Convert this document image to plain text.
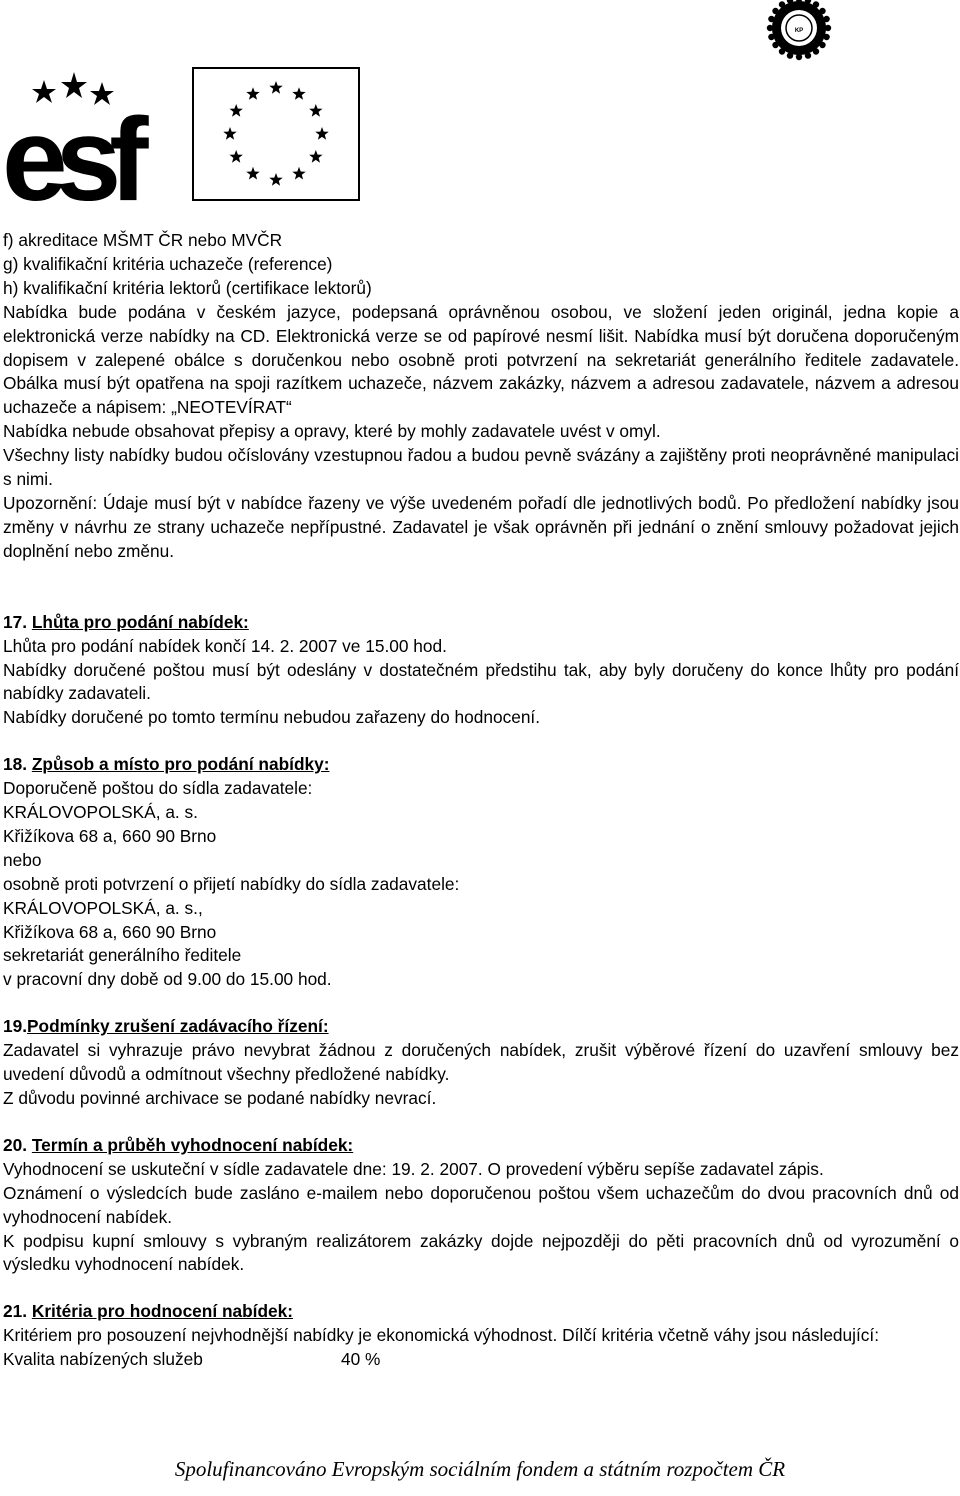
esf
KP

f) akreditace MŠMT ČR nebo MVČR

g) kvalifikační kritéria uchazeče (reference)

h) kvalifikační kritéria lektorů (certifikace lektorů)

Nabídka bude podána v českém jazyce, podepsaná oprávněnou osobou, ve složení jeden originál, jedna kopie a elektronická verze nabídky na CD. Elektronická verze se od papírové nesmí lišit. Nabídka musí být doručena doporučeným dopisem v zalepené obálce s doručenkou nebo osobně proti potvrzení na sekretariát generálního ředitele zadavatele. Obálka musí být opatřena na spoji razítkem uchazeče, názvem zakázky, názvem a adresou zadavatele, názvem a adresou uchazeče a nápisem: „NEOTEVÍRAT“

Nabídka nebude obsahovat přepisy a opravy, které by mohly zadavatele uvést v omyl.

Všechny listy nabídky budou očíslovány vzestupnou řadou a budou pevně svázány a zajištěny proti neoprávněné manipulaci s nimi.

Upozornění: Údaje musí být v nabídce řazeny ve výše uvedeném pořadí dle jednotlivých bodů. Po předložení nabídky jsou změny v návrhu ze strany uchazeče nepřípustné. Zadavatel je však oprávněn při jednání o znění smlouvy požadovat jejich doplnění nebo změnu.

17. Lhůta pro podání nabídek:

Lhůta pro podání nabídek končí 14. 2. 2007 ve 15.00 hod.

Nabídky doručené poštou musí být odeslány v dostatečném předstihu tak, aby byly doručeny do konce lhůty pro podání nabídky zadavateli.

Nabídky doručené po tomto termínu nebudou zařazeny do hodnocení.

18. Způsob a místo pro podání nabídky:

Doporučeně poštou do sídla zadavatele:

KRÁLOVOPOLSKÁ, a. s.

Křižíkova 68 a, 660 90 Brno

nebo

osobně proti potvrzení o přijetí nabídky do sídla zadavatele:

KRÁLOVOPOLSKÁ, a. s.,

Křižíkova 68 a, 660 90 Brno

sekretariát generálního ředitele

v pracovní dny době od 9.00 do 15.00 hod.

19.Podmínky zrušení zadávacího řízení:

Zadavatel si vyhrazuje právo nevybrat žádnou z doručených nabídek, zrušit výběrové řízení do uzavření smlouvy bez uvedení důvodů a odmítnout všechny předložené nabídky.

Z důvodu povinné archivace se podané nabídky nevrací.

20. Termín a průběh vyhodnocení nabídek:

Vyhodnocení se uskuteční v sídle zadavatele dne: 19. 2. 2007. O provedení výběru sepíše zadavatel zápis.

Oznámení o výsledcích bude zasláno e-mailem nebo doporučenou poštou všem uchazečům do dvou pracovních dnů od vyhodnocení nabídek.

K podpisu kupní smlouvy s vybraným realizátorem zakázky dojde nejpozději do pěti pracovních dnů od vyrozumění o výsledku vyhodnocení nabídek.

21. Kritéria pro hodnocení nabídek:

Kritériem pro posouzení nejvhodnější nabídky je ekonomická výhodnost. Dílčí kritéria včetně váhy jsou následující:

Kvalita nabízených služeb	40 %
Spolufinancováno Evropským sociálním fondem a státním rozpočtem ČR
